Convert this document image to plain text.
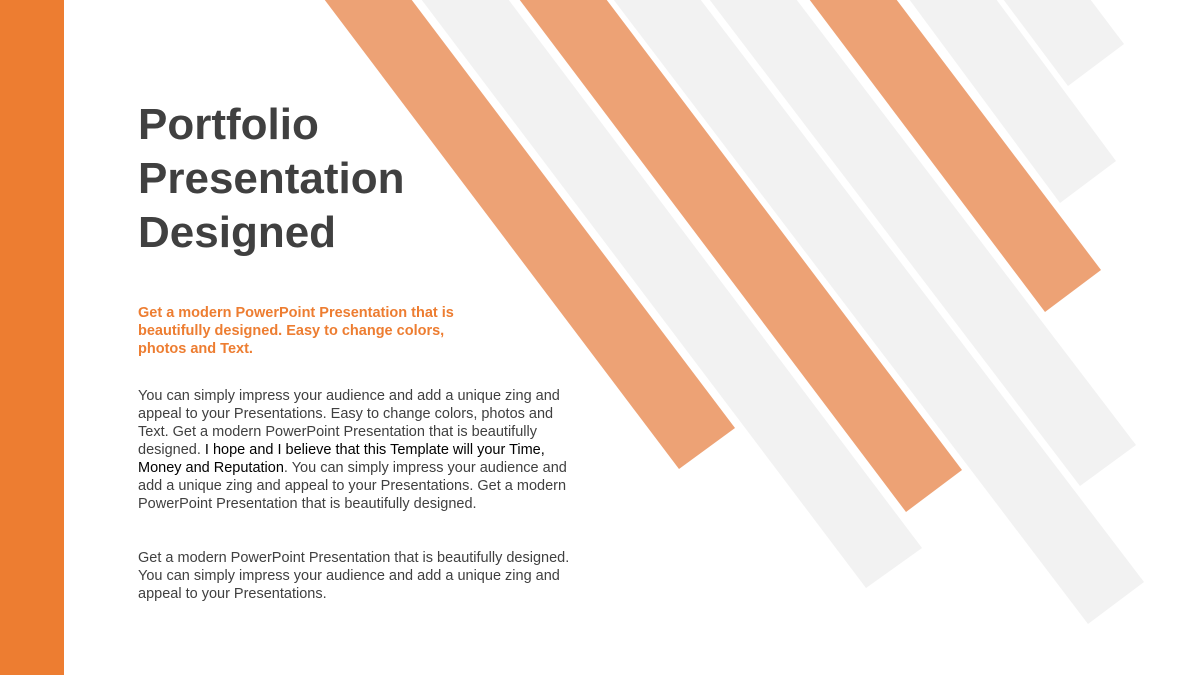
Portfolio
Presentation
Designed

Get a modern PowerPoint Presentation that is beautifully designed. Easy to change colors, photos and Text.

You can simply impress your audience and add a unique zing and appeal to your Presentations. Easy to change colors, photos and Text. Get a modern PowerPoint Presentation that is beautifully designed. I hope and I believe that this Template will your Time, Money and Reputation. You can simply impress your audience and add a unique zing and appeal to your Presentations. Get a modern PowerPoint Presentation that is beautifully designed.

Get a modern PowerPoint Presentation that is beautifully designed. You can simply impress your audience and add a unique zing and appeal to your Presentations.
